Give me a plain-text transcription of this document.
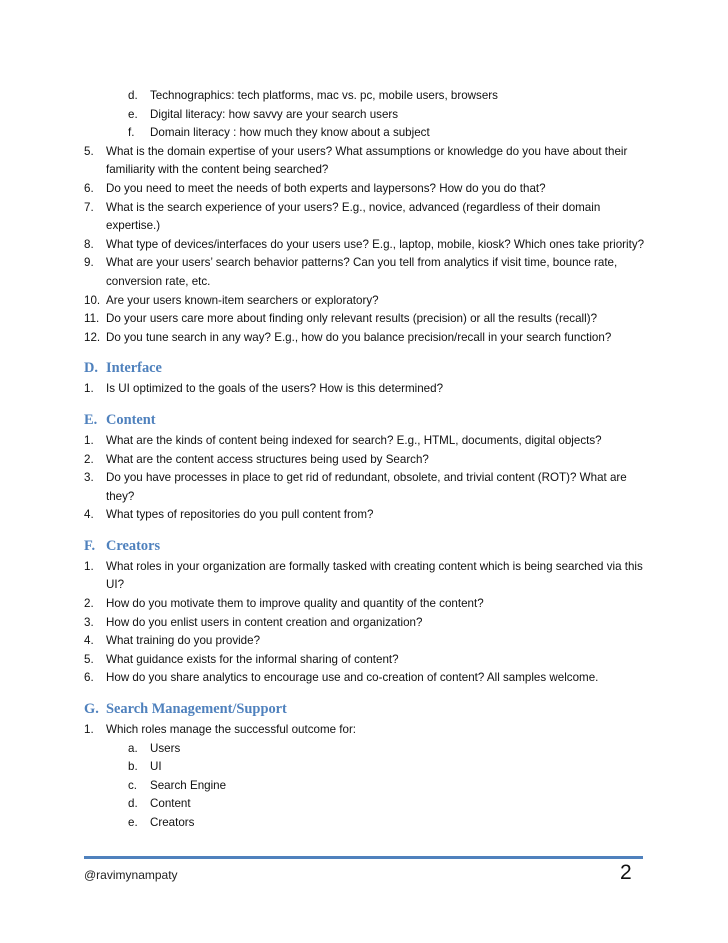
d. Technographics: tech platforms, mac vs. pc, mobile users, browsers
e. Digital literacy: how savvy are your search users
f. Domain literacy : how much they know about a subject
5.	What is the domain expertise of your users? What assumptions or knowledge do you have about their familiarity with the content being searched?
6.	Do you need to meet the needs of both experts and laypersons? How do you do that?
7.	What is the search experience of your users? E.g., novice, advanced (regardless of their domain expertise.)
8.	What type of devices/interfaces do your users use? E.g., laptop, mobile, kiosk? Which ones take priority?
9.	What are your users’ search behavior patterns? Can you tell from analytics if visit time, bounce rate, conversion rate, etc.
10. Are your users known-item searchers or exploratory?
11. Do your users care more about finding only relevant results (precision) or all the results (recall)?
12. Do you tune search in any way? E.g., how do you balance precision/recall in your search function?
D. Interface
1.	Is UI optimized to the goals of the users? How is this determined?
E. Content
1.	What are the kinds of content being indexed for search? E.g., HTML, documents, digital objects?
2.	What are the content access structures being used by Search?
3.	Do you have processes in place to get rid of redundant, obsolete, and trivial content (ROT)? What are they?
4.	What types of repositories do you pull content from?
F. Creators
1.	What roles in your organization are formally tasked with creating content which is being searched via this UI?
2.	How do you motivate them to improve quality and quantity of the content?
3.	How do you enlist users in content creation and organization?
4.	What training do you provide?
5.	What guidance exists for the informal sharing of content?
6.	How do you share analytics to encourage use and co-creation of content? All samples welcome.
G. Search Management/Support
1.	Which roles manage the successful outcome for:
a. Users
b. UI
c. Search Engine
d. Content
e. Creators
@ravimynampaty	2
